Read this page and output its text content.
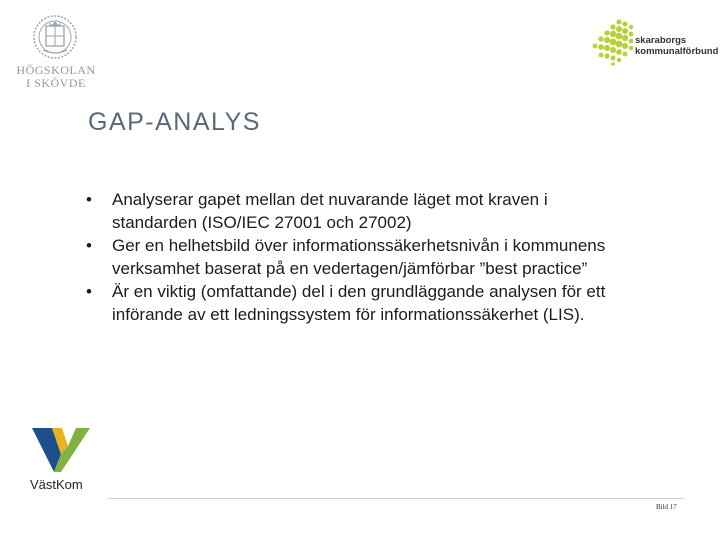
HÖGSKOLAN
I SKÖVDE
skaraborgs
kommunalförbund
GAP-ANALYS
• Analyserar gapet mellan det nuvarande läget mot kraven i standarden (ISO/IEC 27001 och 27002)
• Ger en helhetsbild över informationssäkerhetsnivån i kommunens verksamhet baserat på en vedertagen/jämförbar ”best practice”
• Är en viktig (omfattande) del i den grundläggande analysen för ett införande av ett ledningssystem för informationssäkerhet (LIS).
VästKom
Bild 17
